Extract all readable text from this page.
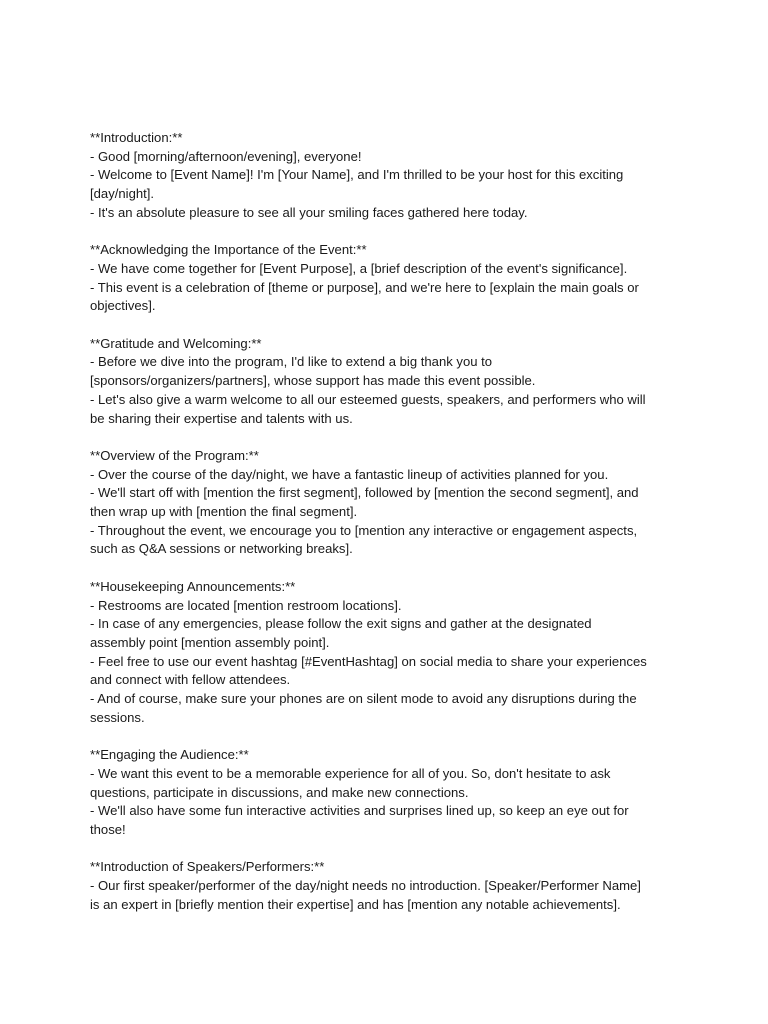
**Introduction:**
- Good [morning/afternoon/evening], everyone!
- Welcome to [Event Name]! I'm [Your Name], and I'm thrilled to be your host for this exciting
[day/night].
- It's an absolute pleasure to see all your smiling faces gathered here today.
**Acknowledging the Importance of the Event:**
- We have come together for [Event Purpose], a [brief description of the event's significance].
- This event is a celebration of [theme or purpose], and we're here to [explain the main goals or
objectives].
**Gratitude and Welcoming:**
- Before we dive into the program, I'd like to extend a big thank you to
[sponsors/organizers/partners], whose support has made this event possible.
- Let's also give a warm welcome to all our esteemed guests, speakers, and performers who will
be sharing their expertise and talents with us.
**Overview of the Program:**
- Over the course of the day/night, we have a fantastic lineup of activities planned for you.
- We'll start off with [mention the first segment], followed by [mention the second segment], and
then wrap up with [mention the final segment].
- Throughout the event, we encourage you to [mention any interactive or engagement aspects,
such as Q&A sessions or networking breaks].
**Housekeeping Announcements:**
- Restrooms are located [mention restroom locations].
- In case of any emergencies, please follow the exit signs and gather at the designated
assembly point [mention assembly point].
- Feel free to use our event hashtag [#EventHashtag] on social media to share your experiences
and connect with fellow attendees.
- And of course, make sure your phones are on silent mode to avoid any disruptions during the
sessions.
**Engaging the Audience:**
- We want this event to be a memorable experience for all of you. So, don't hesitate to ask
questions, participate in discussions, and make new connections.
- We'll also have some fun interactive activities and surprises lined up, so keep an eye out for
those!
**Introduction of Speakers/Performers:**
- Our first speaker/performer of the day/night needs no introduction. [Speaker/Performer Name]
is an expert in [briefly mention their expertise] and has [mention any notable achievements].
